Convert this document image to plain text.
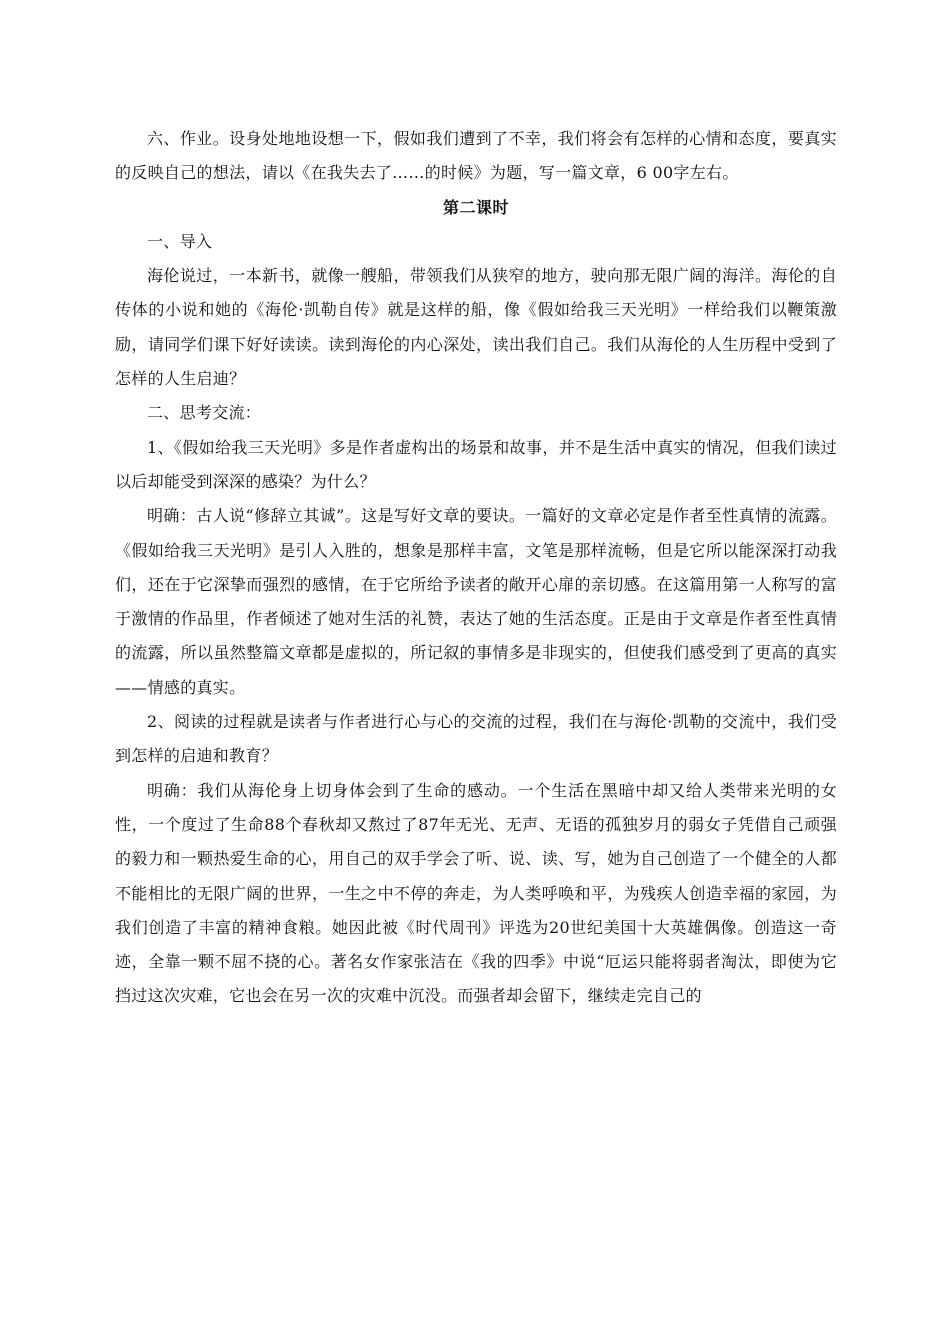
六、作业。设身处地地设想一下，假如我们遭到了不幸，我们将会有怎样的心情和态度，要真实的反映自己的想法，请以《在我失去了……的时候》为题，写一篇文章，6 00字左右。

第二课时

一、导入

海伦说过，一本新书，就像一艘船，带领我们从狭窄的地方，驶向那无限广阔的海洋。海伦的自传体的小说和她的《海伦·凯勒自传》就是这样的船，像《假如给我三天光明》一样给我们以鞭策激励，请同学们课下好好读读。读到海伦的内心深处，读出我们自己。我们从海伦的人生历程中受到了怎样的人生启迪？

二、思考交流：

1、《假如给我三天光明》多是作者虚构出的场景和故事，并不是生活中真实的情况，但我们读过以后却能受到深深的感染？为什么？

明确：古人说“修辞立其诚”。这是写好文章的要诀。一篇好的文章必定是作者至性真情的流露。《假如给我三天光明》是引人入胜的，想象是那样丰富，文笔是那样流畅，但是它所以能深深打动我们，还在于它深挚而强烈的感情，在于它所给予读者的敞开心扉的亲切感。在这篇用第一人称写的富于激情的作品里，作者倾述了她对生活的礼赞，表达了她的生活态度。正是由于文章是作者至性真情的流露，所以虽然整篇文章都是虚拟的，所记叙的事情多是非现实的，但使我们感受到了更高的真实——情感的真实。

2、阅读的过程就是读者与作者进行心与心的交流的过程，我们在与海伦·凯勒的交流中，我们受到怎样的启迪和教育？

明确：我们从海伦身上切身体会到了生命的感动。一个生活在黑暗中却又给人类带来光明的女性，一个度过了生命88个春秋却又熬过了87年无光、无声、无语的孤独岁月的弱女子凭借自己顽强的毅力和一颗热爱生命的心，用自己的双手学会了听、说、读、写，她为自己创造了一个健全的人都不能相比的无限广阔的世界，一生之中不停的奔走，为人类呼唤和平，为残疾人创造幸福的家园，为我们创造了丰富的精神食粮。她因此被《时代周刊》评选为20世纪美国十大英雄偶像。创造这一奇迹，全靠一颗不屈不挠的心。著名女作家张洁在《我的四季》中说“厄运只能将弱者淘汰，即使为它挡过这次灾难，它也会在另一次的灾难中沉没。而强者却会留下，继续走完自己的
